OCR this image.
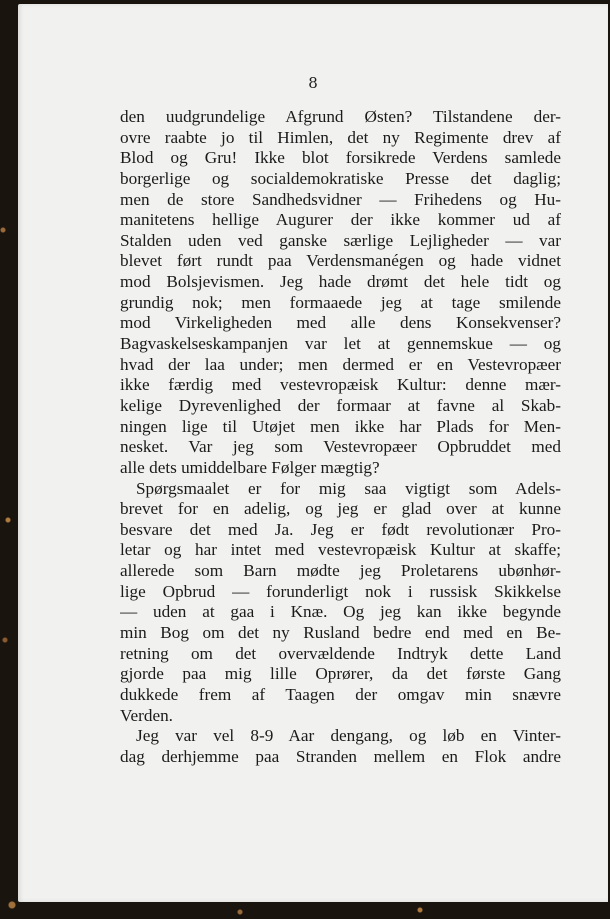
8
den uudgrundelige Afgrund Østen? Tilstandene der-
ovre raabte jo til Himlen, det ny Regimente drev af
Blod og Gru! Ikke blot forsikrede Verdens samlede
borgerlige og socialdemokratiske Presse det daglig;
men de store Sandhedsvidner — Frihedens og Hu-
manitetens hellige Augurer der ikke kommer ud af
Stalden uden ved ganske særlige Lejligheder — var
blevet ført rundt paa Verdensmanégen og hade vidnet
mod Bolsjevismen. Jeg hade drømt det hele tidt og
grundig nok; men formaaede jeg at tage smilende
mod Virkeligheden med alle dens Konsekvenser?
Bagvaskelseskampanjen var let at gennemskue — og
hvad der laa under; men dermed er en Vestevropæer
ikke færdig med vestevropæisk Kultur: denne mær-
kelige Dyrevenlighed der formaar at favne al Skab-
ningen lige til Utøjet men ikke har Plads for Men-
nesket. Var jeg som Vestevropæer Opbruddet med
alle dets umiddelbare Følger mægtig?
Spørgsmaalet er for mig saa vigtigt som Adels-
brevet for en adelig, og jeg er glad over at kunne
besvare det med Ja. Jeg er født revolutionær Pro-
letar og har intet med vestevropæisk Kultur at skaffe;
allerede som Barn mødte jeg Proletarens ubønhør-
lige Opbrud — forunderligt nok i russisk Skikkelse
— uden at gaa i Knæ. Og jeg kan ikke begynde
min Bog om det ny Rusland bedre end med en Be-
retning om det overvældende Indtryk dette Land
gjorde paa mig lille Oprører, da det første Gang
dukkede frem af Taagen der omgav min snævre
Verden.
Jeg var vel 8-9 Aar dengang, og løb en Vinter-
dag derhjemme paa Stranden mellem en Flok andre
